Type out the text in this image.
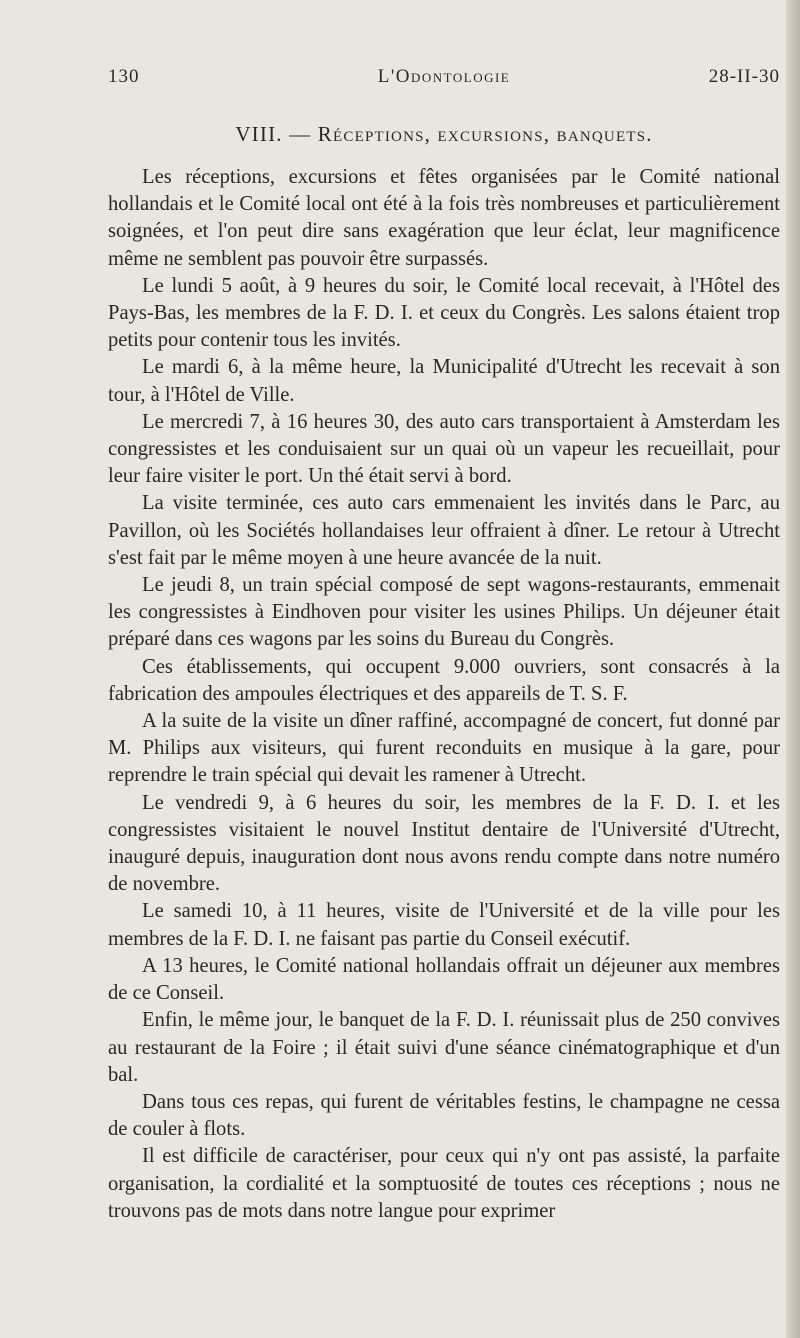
130	L'Odontologie	28-II-30
VIII. — Réceptions, excursions, banquets.

Les réceptions, excursions et fêtes organisées par le Comité national hollandais et le Comité local ont été à la fois très nombreuses et particulièrement soignées, et l'on peut dire sans exagération que leur éclat, leur magnificence même ne semblent pas pouvoir être surpassés.

Le lundi 5 août, à 9 heures du soir, le Comité local recevait, à l'Hôtel des Pays-Bas, les membres de la F. D. I. et ceux du Congrès. Les salons étaient trop petits pour contenir tous les invités.

Le mardi 6, à la même heure, la Municipalité d'Utrecht les recevait à son tour, à l'Hôtel de Ville.

Le mercredi 7, à 16 heures 30, des auto cars transportaient à Amsterdam les congressistes et les conduisaient sur un quai où un vapeur les recueillait, pour leur faire visiter le port. Un thé était servi à bord.

La visite terminée, ces auto cars emmenaient les invités dans le Parc, au Pavillon, où les Sociétés hollandaises leur offraient à dîner. Le retour à Utrecht s'est fait par le même moyen à une heure avancée de la nuit.

Le jeudi 8, un train spécial composé de sept wagons-restaurants, emmenait les congressistes à Eindhoven pour visiter les usines Philips. Un déjeuner était préparé dans ces wagons par les soins du Bureau du Congrès.

Ces établissements, qui occupent 9.000 ouvriers, sont consacrés à la fabrication des ampoules électriques et des appareils de T. S. F.

A la suite de la visite un dîner raffiné, accompagné de concert, fut donné par M. Philips aux visiteurs, qui furent reconduits en musique à la gare, pour reprendre le train spécial qui devait les ramener à Utrecht.

Le vendredi 9, à 6 heures du soir, les membres de la F. D. I. et les congressistes visitaient le nouvel Institut dentaire de l'Université d'Utrecht, inauguré depuis, inauguration dont nous avons rendu compte dans notre numéro de novembre.

Le samedi 10, à 11 heures, visite de l'Université et de la ville pour les membres de la F. D. I. ne faisant pas partie du Conseil exécutif.

A 13 heures, le Comité national hollandais offrait un déjeuner aux membres de ce Conseil.

Enfin, le même jour, le banquet de la F. D. I. réunissait plus de 250 convives au restaurant de la Foire ; il était suivi d'une séance cinématographique et d'un bal.

Dans tous ces repas, qui furent de véritables festins, le champagne ne cessa de couler à flots.

Il est difficile de caractériser, pour ceux qui n'y ont pas assisté, la parfaite organisation, la cordialité et la somptuosité de toutes ces réceptions ; nous ne trouvons pas de mots dans notre langue pour exprimer
